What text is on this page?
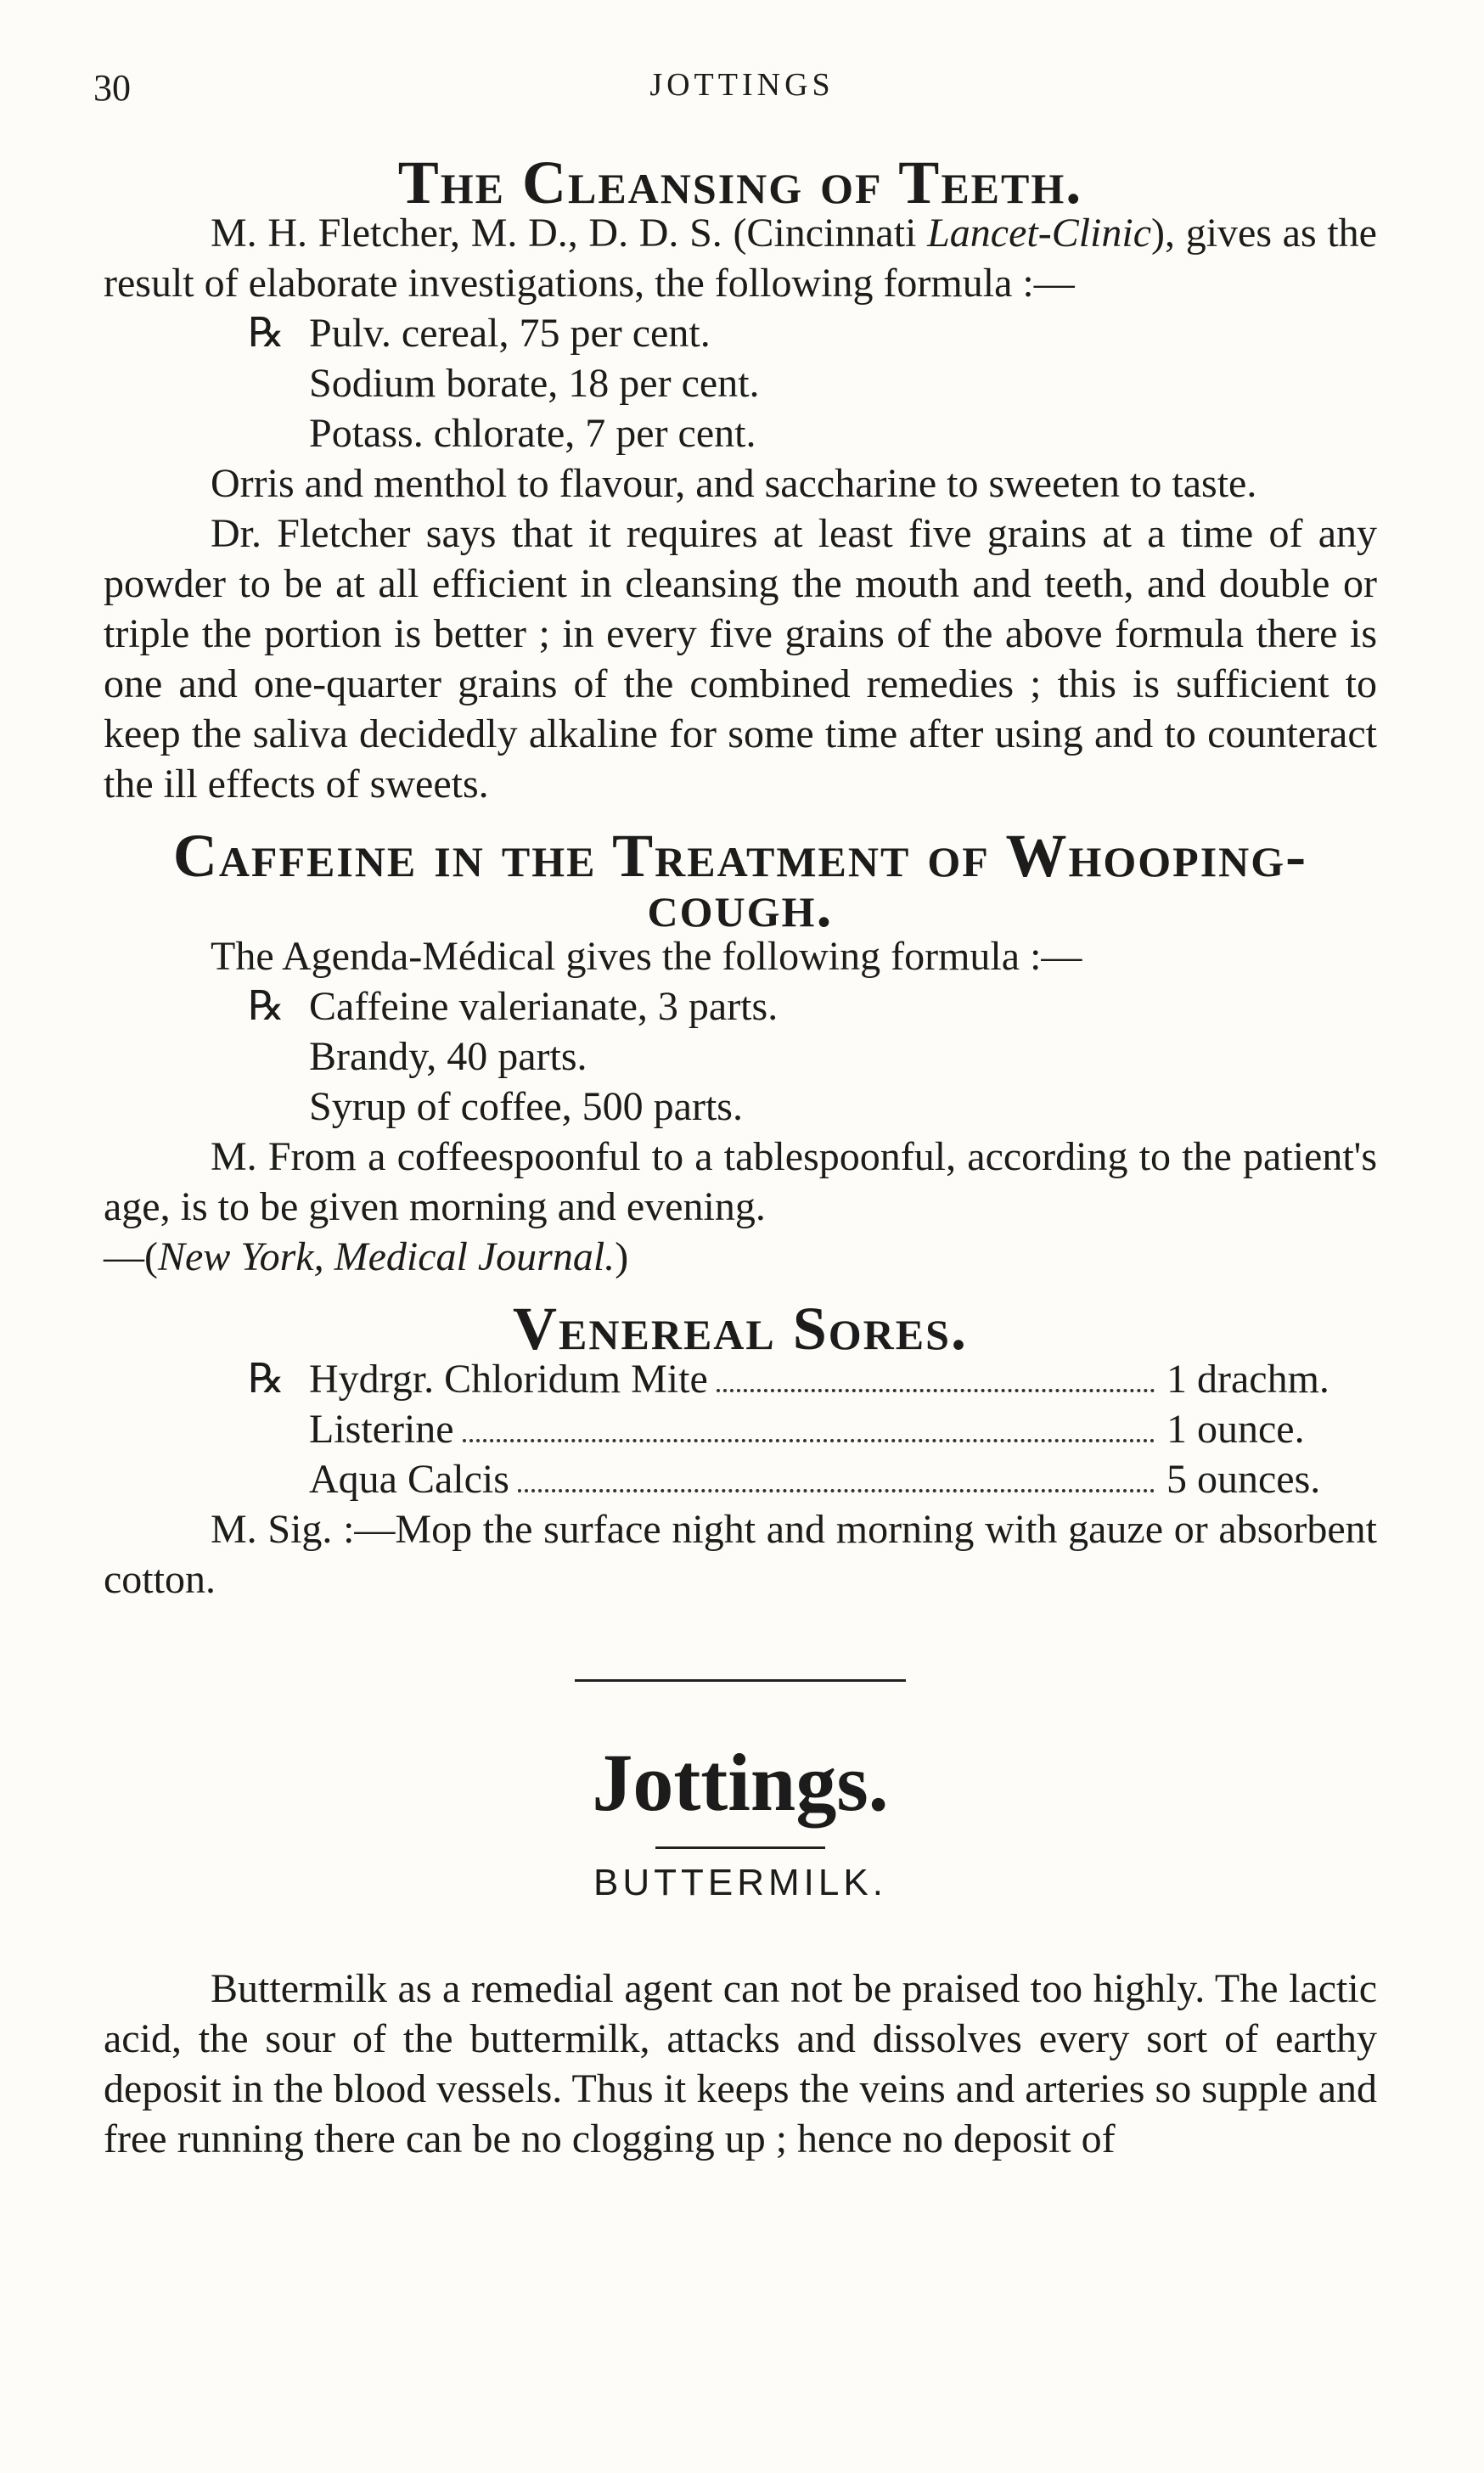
30	JOTTINGS
The Cleansing of Teeth.

M. H. Fletcher, M. D., D. D. S. (Cincinnati Lancet-Clinic), gives as the result of elaborate investigations, the following formula :—

℞ Pulv. cereal, 75 per cent.
Sodium borate, 18 per cent.
Potass. chlorate, 7 per cent.

Orris and menthol to flavour, and saccharine to sweeten to taste.

Dr. Fletcher says that it requires at least five grains at a time of any powder to be at all efficient in cleansing the mouth and teeth, and double or triple the portion is better ; in every five grains of the above formula there is one and one-quarter grains of the combined remedies ; this is sufficient to keep the saliva decidedly alkaline for some time after using and to counteract the ill effects of sweets.

Caffeine in the Treatment of Whooping-cough.

The Agenda-Médical gives the following formula :—

℞ Caffeine valerianate, 3 parts.
Brandy, 40 parts.
Syrup of coffee, 500 parts.

M. From a coffeespoonful to a tablespoonful, according to the patient's age, is to be given morning and evening.
—(New York, Medical Journal.)

Venereal Sores.
℞ Hydrgr. Chloridum Mite	1 drachm.
Listerine	1 ounce.
Aqua Calcis	5 ounces.

M. Sig. :—Mop the surface night and morning with gauze or absorbent cotton.

Jottings.
BUTTERMILK.

Buttermilk as a remedial agent can not be praised too highly. The lactic acid, the sour of the buttermilk, attacks and dissolves every sort of earthy deposit in the blood vessels. Thus it keeps the veins and arteries so supple and free running there can be no clogging up ; hence no deposit of
